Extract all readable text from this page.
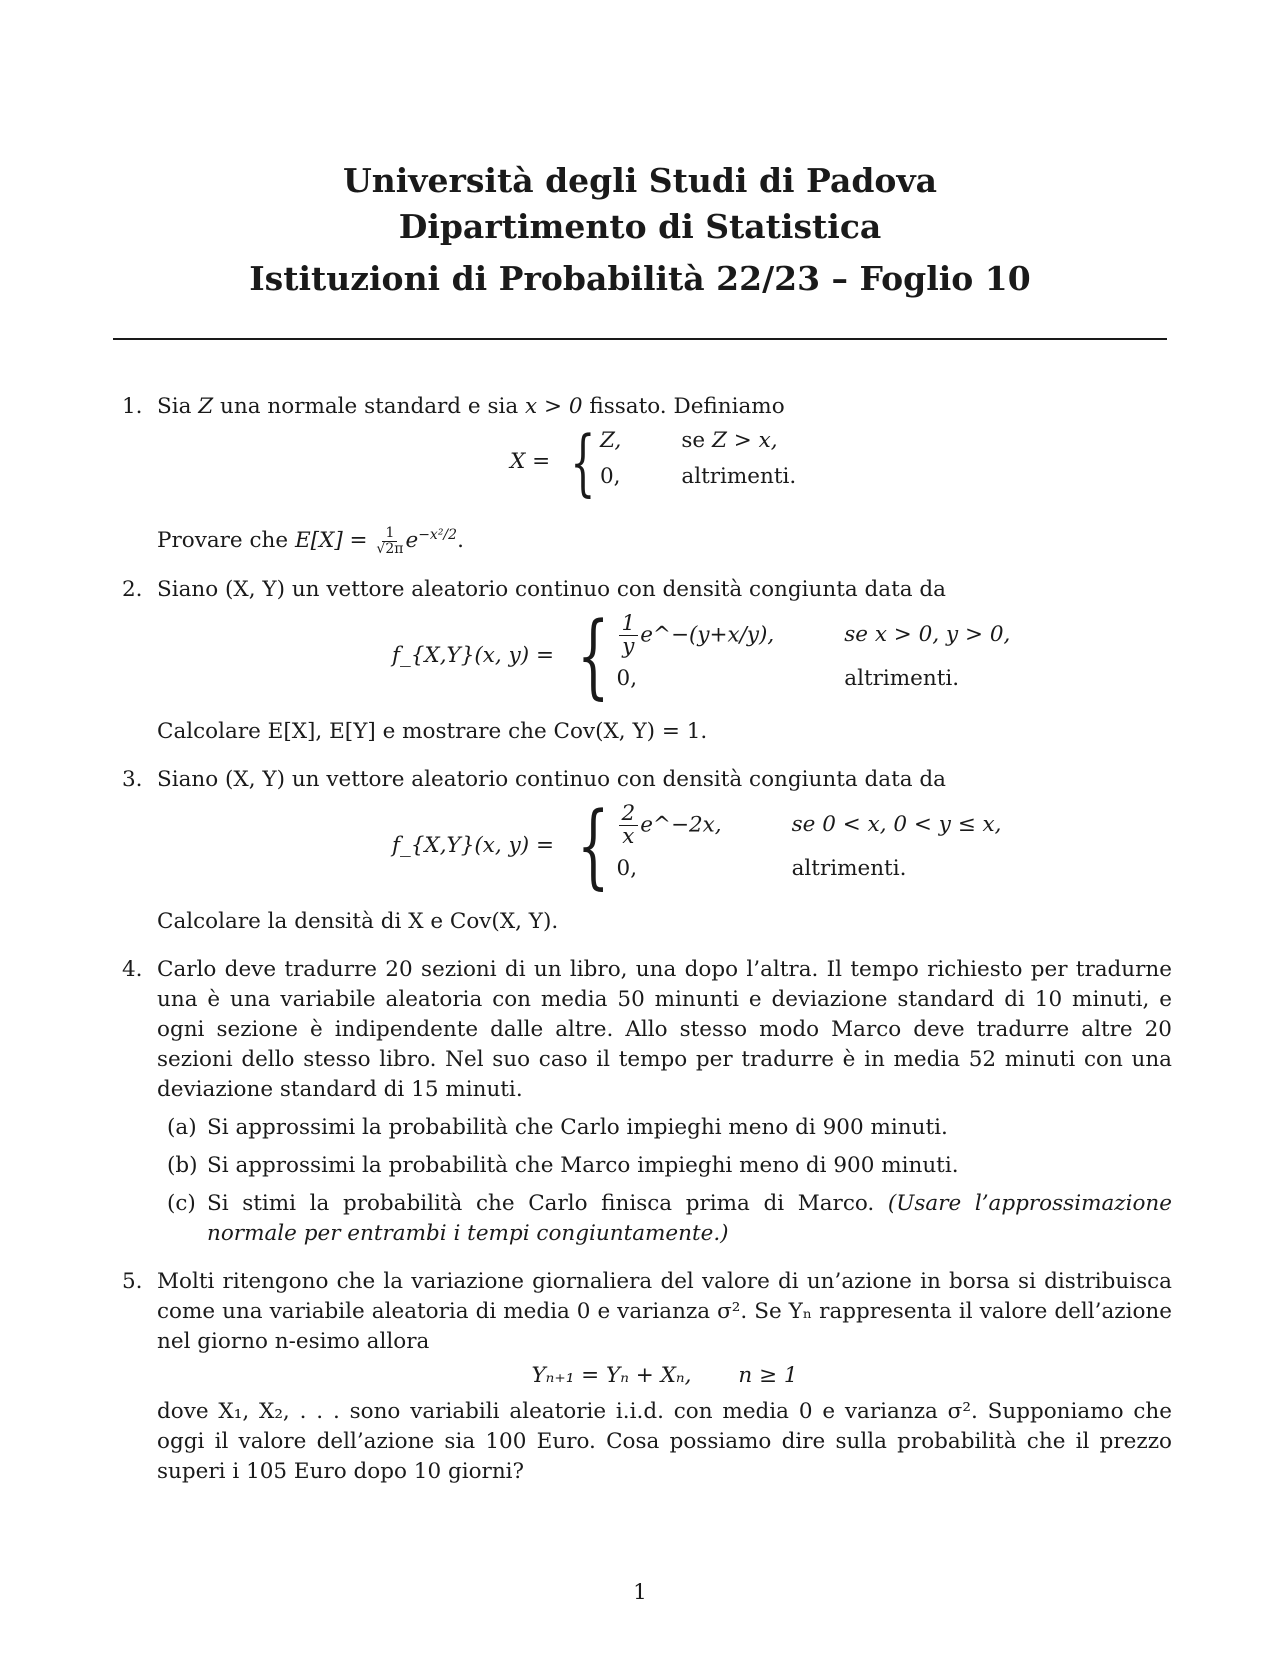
Università degli Studi di Padova
Dipartimento di Statistica
Istituzioni di Probabilità 22/23 – Foglio 10
1. Sia Z una normale standard e sia x > 0 fissato. Definiamo
X = { Z,	se Z > x,
0,	altrimenti.
Provare che $E[X] = \frac{1}{√2\pi} e^{-x^2/2}$.
2. Siano (X, Y) un vettore aleatorio continuo con densità congiunta data da
f_{X,Y}(x, y) = { $\frac{1}{y}$ e^−(y+x/y),	se x > 0, y > 0,
0,	altrimenti.
Calcolare E[X], E[Y] e mostrare che Cov(X, Y) = 1.
3. Siano (X, Y) un vettore aleatorio continuo con densità congiunta data da
f_{X,Y}(x, y) = { $\frac{2}{x}$ e^−2x,	se 0 < x, 0 < y ≤ x,
0,	altrimenti.
Calcolare la densità di X e Cov(X, Y).
4. Carlo deve tradurre 20 sezioni di un libro, una dopo l’altra. Il tempo richiesto per tradurne una è una variabile aleatoria con media 50 minunti e deviazione standard di 10 minuti, e ogni sezione è indipendente dalle altre. Allo stesso modo Marco deve tradurre altre 20 sezioni dello stesso libro. Nel suo caso il tempo per tradurre è in media 52 minuti con una deviazione standard di 15 minuti.
(a) Si approssimi la probabilità che Carlo impieghi meno di 900 minuti.
(b) Si approssimi la probabilità che Marco impieghi meno di 900 minuti.
(c) Si stimi la probabilità che Carlo finisca prima di Marco. (Usare l’approssimazione normale per entrambi i tempi congiuntamente.)
5. Molti ritengono che la variazione giornaliera del valore di un’azione in borsa si distribuisca come una variabile aleatoria di media 0 e varianza σ². Se Yₙ rappresenta il valore dell’azione nel giorno n-esimo allora
Yₙ₊₁ = Yₙ + Xₙ, n ≥ 1
dove X₁, X₂, . . . sono variabili aleatorie i.i.d. con media 0 e varianza σ². Supponiamo che oggi il valore dell’azione sia 100 Euro. Cosa possiamo dire sulla probabilità che il prezzo superi i 105 Euro dopo 10 giorni?
1
